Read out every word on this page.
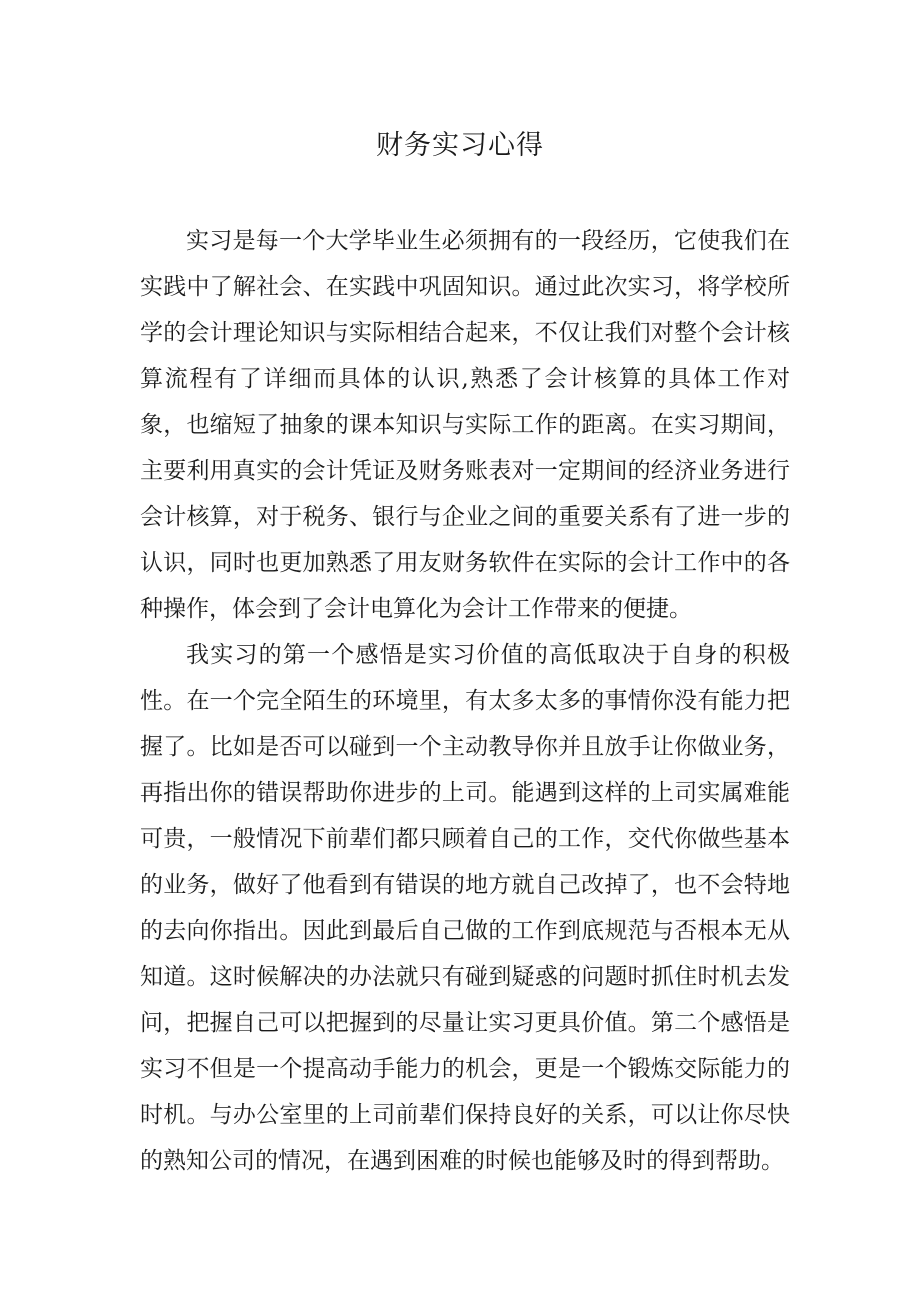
财务实习心得

实习是每一个大学毕业生必须拥有的一段经历，它使我们在实践中了解社会、在实践中巩固知识。通过此次实习，将学校所学的会计理论知识与实际相结合起来，不仅让我们对整个会计核算流程有了详细而具体的认识,熟悉了会计核算的具体工作对象，也缩短了抽象的课本知识与实际工作的距离。在实习期间，主要利用真实的会计凭证及财务账表对一定期间的经济业务进行会计核算，对于税务、银行与企业之间的重要关系有了进一步的认识，同时也更加熟悉了用友财务软件在实际的会计工作中的各种操作，体会到了会计电算化为会计工作带来的便捷。

我实习的第一个感悟是实习价值的高低取决于自身的积极性。在一个完全陌生的环境里，有太多太多的事情你没有能力把握了。比如是否可以碰到一个主动教导你并且放手让你做业务，再指出你的错误帮助你进步的上司。能遇到这样的上司实属难能可贵，一般情况下前辈们都只顾着自己的工作，交代你做些基本的业务，做好了他看到有错误的地方就自己改掉了，也不会特地的去向你指出。因此到最后自己做的工作到底规范与否根本无从知道。这时候解决的办法就只有碰到疑惑的问题时抓住时机去发问，把握自己可以把握到的尽量让实习更具价值。第二个感悟是实习不但是一个提高动手能力的机会，更是一个锻炼交际能力的时机。与办公室里的上司前辈们保持良好的关系，可以让你尽快的熟知公司的情况，在遇到困难的时候也能够及时的得到帮助。
